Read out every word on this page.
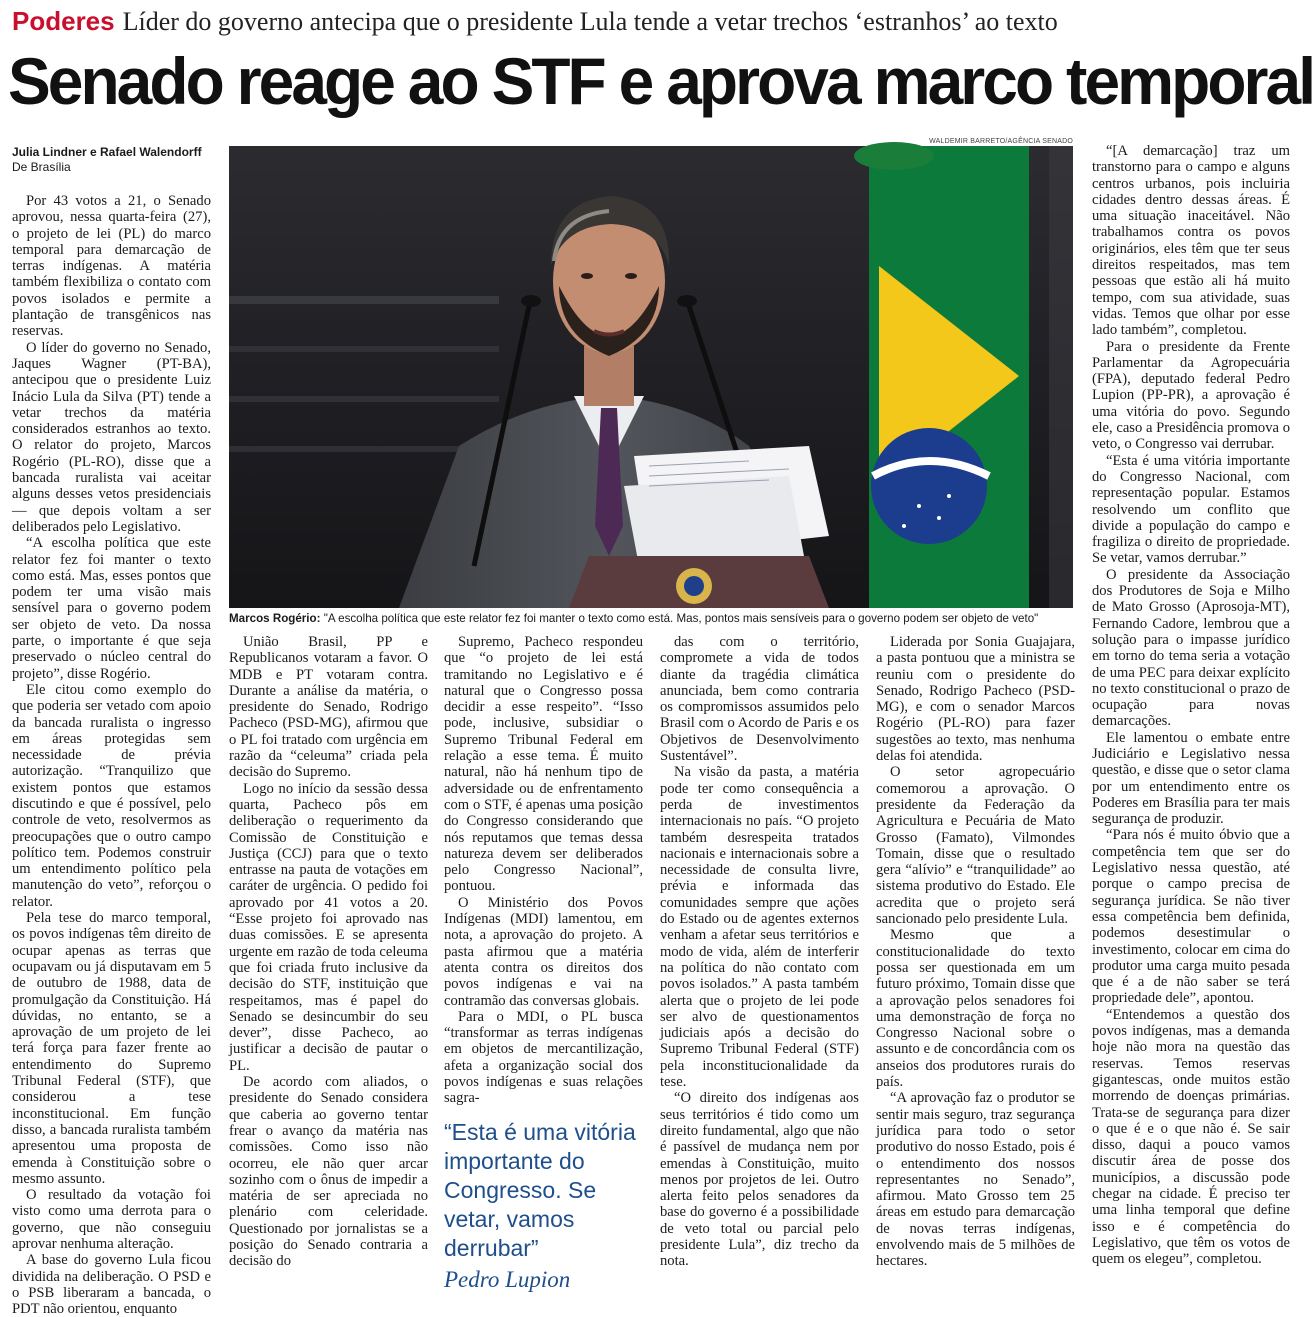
Poderes Líder do governo antecipa que o presidente Lula tende a vetar trechos ‘estranhos’ ao texto
Senado reage ao STF e aprova marco temporal
Julia Lindner e Rafael Walendorff
De Brasília

Por 43 votos a 21, o Senado aprovou, nessa quarta-feira (27), o projeto de lei (PL) do marco temporal para demarcação de terras indígenas. A matéria também flexibiliza o contato com povos isolados e permite a plantação de transgênicos nas reservas.

O líder do governo no Senado, Jaques Wagner (PT-BA), antecipou que o presidente Luiz Inácio Lula da Silva (PT) tende a vetar trechos da matéria considerados estranhos ao texto. O relator do projeto, Marcos Rogério (PL-RO), disse que a bancada ruralista vai aceitar alguns desses vetos presidenciais — que depois voltam a ser deliberados pelo Legislativo.

“A escolha política que este relator fez foi manter o texto como está. Mas, esses pontos que podem ter uma visão mais sensível para o governo podem ser objeto de veto. Da nossa parte, o importante é que seja preservado o núcleo central do projeto”, disse Rogério.

Ele citou como exemplo do que poderia ser vetado com apoio da bancada ruralista o ingresso em áreas protegidas sem necessidade de prévia autorização. “Tranquilizo que existem pontos que estamos discutindo e que é possível, pelo controle de veto, resolvermos as preocupações que o outro campo político tem. Podemos construir um entendimento político pela manutenção do veto”, reforçou o relator.

Pela tese do marco temporal, os povos indígenas têm direito de ocupar apenas as terras que ocupavam ou já disputavam em 5 de outubro de 1988, data de promulgação da Constituição. Há dúvidas, no entanto, se a aprovação de um projeto de lei terá força para fazer frente ao entendimento do Supremo Tribunal Federal (STF), que considerou a tese inconstitucional. Em função disso, a bancada ruralista também apresentou uma proposta de emenda à Constituição sobre o mesmo assunto.

O resultado da votação foi visto como uma derrota para o governo, que não conseguiu aprovar nenhuma alteração.

A base do governo Lula ficou dividida na deliberação. O PSD e o PSB liberaram a bancada, o PDT não orientou, enquanto

União Brasil, PP e Republicanos votaram a favor. O MDB e PT votaram contra. Durante a análise da matéria, o presidente do Senado, Rodrigo Pacheco (PSD-MG), afirmou que o PL foi tratado com urgência em razão da “celeuma” criada pela decisão do Supremo.

Logo no início da sessão dessa quarta, Pacheco pôs em deliberação o requerimento da Comissão de Constituição e Justiça (CCJ) para que o texto entrasse na pauta de votações em caráter de urgência. O pedido foi aprovado por 41 votos a 20. “Esse projeto foi aprovado nas duas comissões. E se apresenta urgente em razão de toda celeuma que foi criada fruto inclusive da decisão do STF, instituição que respeitamos, mas é papel do Senado se desincumbir do seu dever”, disse Pacheco, ao justificar a decisão de pautar o PL.

De acordo com aliados, o presidente do Senado considera que caberia ao governo tentar frear o avanço da matéria nas comissões. Como isso não ocorreu, ele não quer arcar sozinho com o ônus de impedir a matéria de ser apreciada no plenário com celeridade. Questionado por jornalistas se a posição do Senado contraria a decisão do

Supremo, Pacheco respondeu que “o projeto de lei está tramitando no Legislativo e é natural que o Congresso possa decidir a esse respeito”. “Isso pode, inclusive, subsidiar o Supremo Tribunal Federal em relação a esse tema. É muito natural, não há nenhum tipo de adversidade ou de enfrentamento com o STF, é apenas uma posição do Congresso considerando que nós reputamos que temas dessa natureza devem ser deliberados pelo Congresso Nacional”, pontuou.

O Ministério dos Povos Indígenas (MDI) lamentou, em nota, a aprovação do projeto. A pasta afirmou que a matéria atenta contra os direitos dos povos indígenas e vai na contramão das conversas globais.

Para o MDI, o PL busca “transformar as terras indígenas em objetos de mercantilização, afeta a organização social dos povos indígenas e suas relações sagra-

das com o território, compromete a vida de todos diante da tragédia climática anunciada, bem como contraria os compromissos assumidos pelo Brasil com o Acordo de Paris e os Objetivos de Desenvolvimento Sustentável”.

Na visão da pasta, a matéria pode ter como consequência a perda de investimentos internacionais no país. “O projeto também desrespeita tratados nacionais e internacionais sobre a necessidade de consulta livre, prévia e informada das comunidades sempre que ações do Estado ou de agentes externos venham a afetar seus territórios e modo de vida, além de interferir na política do não contato com povos isolados.” A pasta também alerta que o projeto de lei pode ser alvo de questionamentos judiciais após a decisão do Supremo Tribunal Federal (STF) pela inconstitucionalidade da tese.

“O direito dos indígenas aos seus territórios é tido como um direito fundamental, algo que não é passível de mudança nem por emendas à Constituição, muito menos por projetos de lei. Outro alerta feito pelos senadores da base do governo é a possibilidade de veto total ou parcial pelo presidente Lula”, diz trecho da nota.

Liderada por Sonia Guajajara, a pasta pontuou que a ministra se reuniu com o presidente do Senado, Rodrigo Pacheco (PSD-MG), e com o senador Marcos Rogério (PL-RO) para fazer sugestões ao texto, mas nenhuma delas foi atendida.

O setor agropecuário comemorou a aprovação. O presidente da Federação da Agricultura e Pecuária de Mato Grosso (Famato), Vilmondes Tomain, disse que o resultado gera “alívio” e “tranquilidade” ao sistema produtivo do Estado. Ele acredita que o projeto será sancionado pelo presidente Lula.

Mesmo que a constitucionalidade do texto possa ser questionada em um futuro próximo, Tomain disse que a aprovação pelos senadores foi uma demonstração de força no Congresso Nacional sobre o assunto e de concordância com os anseios dos produtores rurais do país.

“A aprovação faz o produtor se sentir mais seguro, traz segurança jurídica para todo o setor produtivo do nosso Estado, pois é o entendimento dos nossos representantes no Senado”, afirmou. Mato Grosso tem 25 áreas em estudo para demarcação de novas terras indígenas, envolvendo mais de 5 milhões de hectares.

“[A demarcação] traz um transtorno para o campo e alguns centros urbanos, pois incluiria cidades dentro dessas áreas. É uma situação inaceitável. Não trabalhamos contra os povos originários, eles têm que ter seus direitos respeitados, mas tem pessoas que estão ali há muito tempo, com sua atividade, suas vidas. Temos que olhar por esse lado também”, completou.

Para o presidente da Frente Parlamentar da Agropecuária (FPA), deputado federal Pedro Lupion (PP-PR), a aprovação é uma vitória do povo. Segundo ele, caso a Presidência promova o veto, o Congresso vai derrubar.

“Esta é uma vitória importante do Congresso Nacional, com representação popular. Estamos resolvendo um conflito que divide a população do campo e fragiliza o direito de propriedade. Se vetar, vamos derrubar.”

O presidente da Associação dos Produtores de Soja e Milho de Mato Grosso (Aprosoja-MT), Fernando Cadore, lembrou que a solução para o impasse jurídico em torno do tema seria a votação de uma PEC para deixar explícito no texto constitucional o prazo de ocupação para novas demarcações.

Ele lamentou o embate entre Judiciário e Legislativo nessa questão, e disse que o setor clama por um entendimento entre os Poderes em Brasília para ter mais segurança de produzir.

“Para nós é muito óbvio que a competência tem que ser do Legislativo nessa questão, até porque o campo precisa de segurança jurídica. Se não tiver essa competência bem definida, podemos desestimular o investimento, colocar em cima do produtor uma carga muito pesada que é a de não saber se terá propriedade dele”, apontou.

“Entendemos a questão dos povos indígenas, mas a demanda hoje não mora na questão das reservas. Temos reservas gigantescas, onde muitos estão morrendo de doenças primárias. Trata-se de segurança para dizer o que é e o que não é. Se sair disso, daqui a pouco vamos discutir área de posse dos municípios, a discussão pode chegar na cidade. É preciso ter uma linha temporal que define isso e é competência do Legislativo, que têm os votos de quem os elegeu”, completou.

WALDEMIR BARRETO/AGÊNCIA SENADO
Marcos Rogério: "A escolha política que este relator fez foi manter o texto como está. Mas, pontos mais sensíveis para o governo podem ser objeto de veto"
“Esta é uma vitória importante do Congresso. Se vetar, vamos derrubar”
Pedro Lupion
